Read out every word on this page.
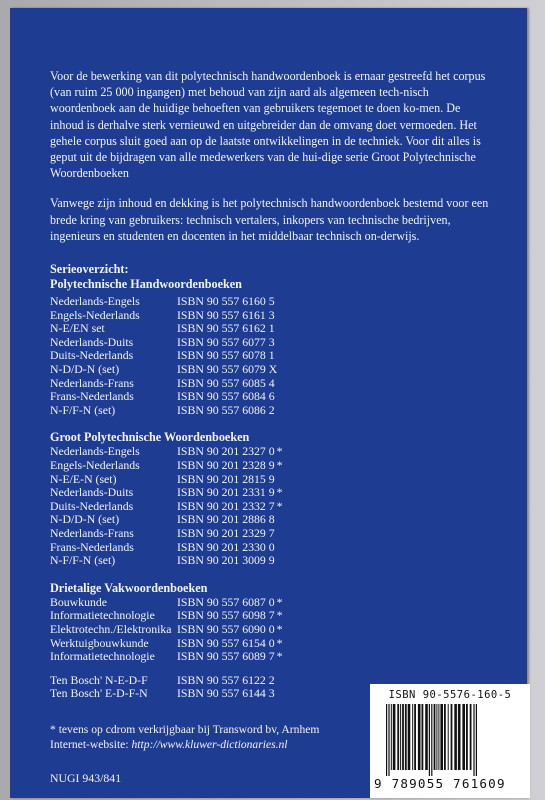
Voor de bewerking van dit polytechnisch handwoordenboek is ernaar gestreefd het corpus (van ruim 25 000 ingangen) met behoud van zijn aard als algemeen tech-nisch woordenboek aan de huidige behoeften van gebruikers tegemoet te doen ko-men. De inhoud is derhalve sterk vernieuwd en uitgebreider dan de omvang doet vermoeden. Het gehele corpus sluit goed aan op de laatste ontwikkelingen in de techniek. Voor dit alles is geput uit de bijdragen van alle medewerkers van de hui-dige serie Groot Polytechnische Woordenboeken

Vanwege zijn inhoud en dekking is het polytechnisch handwoordenboek bestemd voor een brede kring van gebruikers: technisch vertalers, inkopers van technische bedrijven, ingenieurs en studenten en docenten in het middelbaar technisch on-derwijs.

Serieoverzicht:
Polytechnische Handwoordenboeken
Nederlands-Engels	ISBN 90 557 6160 5
Engels-Nederlands	ISBN 90 557 6161 3
N-E/EN set	ISBN 90 557 6162 1
Nederlands-Duits	ISBN 90 557 6077 3
Duits-Nederlands	ISBN 90 557 6078 1
N-D/D-N (set)	ISBN 90 557 6079 X
Nederlands-Frans	ISBN 90 557 6085 4
Frans-Nederlands	ISBN 90 557 6084 6
N-F/F-N (set)	ISBN 90 557 6086 2
Groot Polytechnische Woordenboeken
Nederlands-Engels	ISBN 90 201 2327 0 *
Engels-Nederlands	ISBN 90 201 2328 9 *
N-E/E-N (set)	ISBN 90 201 2815 9
Nederlands-Duits	ISBN 90 201 2331 9 *
Duits-Nederlands	ISBN 90 201 2332 7 *
N-D/D-N (set)	ISBN 90 201 2886 8
Nederlands-Frans	ISBN 90 201 2329 7
Frans-Nederlands	ISBN 90 201 2330 0
N-F/F-N (set)	ISBN 90 201 3009 9
Drietalige Vakwoordenboeken
Bouwkunde	ISBN 90 557 6087 0 *
Informatietechnologie	ISBN 90 557 6098 7 *
Elektrotechn./Elektronika ISBN 90 557 6090 0 *
Werktuigbouwkunde	ISBN 90 557 6154 0 *
Informatietechnologie	ISBN 90 557 6089 7 *
Ten Bosch' N-E-D-F	ISBN 90 557 6122 2
Ten Bosch' E-D-F-N	ISBN 90 557 6144 3
* tevens op cdrom verkrijgbaar bij Transword bv, Arnhem
Internet-website: http://www.kluwer-dictionaries.nl
NUGI 943/841
ISBN 90-5576-160-5
9 789055 761609
